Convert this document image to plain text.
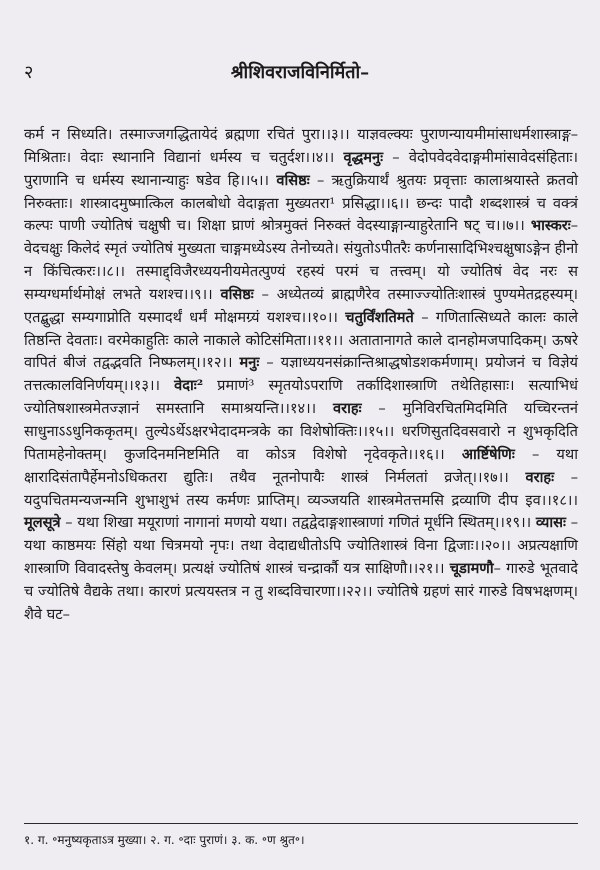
२	श्रीशिवराजविनिर्मितो–

कर्म न सिध्यति। तस्माज्जगद्धितायेदं ब्रह्मणा रचितं पुरा।।३।। याज्ञवल्क्यः पुराणन्यायमीमांसाधर्मशास्त्राङ्ग–मिश्रिताः। वेदाः स्थानानि विद्यानां धर्मस्य च चतुर्दश।।४।। वृद्धमनुः – वेदोपवेदवेदाङ्गमीमांसावेदसंहिताः। पुराणानि च धर्मस्य स्थानान्याहुः षडेव हि।।५।। वसिष्ठः – ऋतुक्रियार्थं श्रुतयः प्रवृत्ताः कालाश्रयास्ते क्रतवो निरुक्ताः। शास्त्रादमुष्मात्किल कालबोधो वेदाङ्गता मुख्यतरा¹ प्रसिद्धा।।६।। छन्दः पादौ शब्दशास्त्रं च वक्त्रं कल्पः पाणी ज्योतिषं चक्षुषी च। शिक्षा घ्राणं श्रोत्रमुक्तं निरुक्तं वेदस्याङ्गान्याहुरेतानि षट् च।।७।। भास्करः– वेदचक्षुः किलेदं स्मृतं ज्योतिषं मुख्यता चाङ्गमध्येऽस्य तेनोच्यते। संयुतोऽपीतरैः कर्णनासादिभिश्चक्षुषाऽङ्गेन हीनो न किंचित्करः।।८।। तस्माद्द्विजैरध्ययनीयमेतत्पुण्यं रहस्यं परमं च तत्त्वम्। यो ज्योतिषं वेद नरः स सम्यग्धर्मार्थमोक्षं लभते यशश्च।।९।। वसिष्ठः – अध्येतव्यं ब्राह्मणैरेव तस्माज्ज्योतिःशास्त्रं पुण्यमेतद्रहस्यम्। एतद्बुद्धा सम्यगाप्नोति यस्मादर्थं धर्मं मोक्षमग्र्यं यशश्च।।१०।। चतुर्विंशतिमते – गणितात्सिध्यते कालः काले तिष्ठन्ति देवताः। वरमेकाहुतिः काले नाकाले कोटिसंमिता।।११।। अतातानागते काले दानहोमजपादिकम्। ऊषरे वापितं बीजं तद्वद्भवति निष्फलम्।।१२।। मनुः – यज्ञाध्ययनसंक्रान्तिश्राद्धषोडशकर्मणाम्। प्रयोजनं च विज्ञेयं तत्तत्कालविनिर्णयम्।।१३।। वेदाः² प्रमाणं³ स्मृतयोऽपराणि तर्कादिशास्त्राणि तथेतिहासाः। सत्याभिधं ज्योतिषशास्त्रमेतज्ज्ञानं समस्तानि समाश्रयन्ति।।१४।। वराहः – मुनिविरचितमिदमिति यच्चिरन्तनं साधुनाऽऽधुनिककृतम्। तुल्येऽर्थेऽक्षरभेदादमन्त्रके का विशेषोक्तिः।।१५।। धरणिसुतदिवसवारो न शुभकृदिति पितामहेनोक्तम्। कुजदिनमनिष्टमिति वा कोऽत्र विशेषो नृदेवकृते।।१६।। आर्ष्टिषेणिः – यथा क्षारादिसंतापैर्हेमनोऽधिकतरा द्युतिः। तथैव नूतनोपायैः शास्त्रं निर्मलतां व्रजेत्।।१७।। वराहः – यदुपचितमन्यजन्मनि शुभाशुभं तस्य कर्मणः प्राप्तिम्। व्यञ्जयति शास्त्रमेतत्तमसि द्रव्याणि दीप इव।।१८।। मूलसूत्रे – यथा शिखा मयूराणां नागानां मणयो यथा। तद्वद्वेदाङ्गशास्त्राणां गणितं मूर्धनि स्थितम्।।१९।। व्यासः – यथा काष्ठमयः सिंहो यथा चित्रमयो नृपः। तथा वेदाद्यधीतोऽपि ज्योतिशास्त्रं विना द्विजाः।।२०।। अप्रत्यक्षाणि शास्त्राणि विवादस्तेषु केवलम्। प्रत्यक्षं ज्योतिषं शास्त्रं चन्द्रार्कौ यत्र साक्षिणौ।।२१।। चूडामणौ– गारुडे भूतवादे च ज्योतिषे वैद्यके तथा। कारणं प्रत्ययस्तत्र न तु शब्दविचारणा।।२२।। ज्योतिषे ग्रहणं सारं गारुडे विषभक्षणम्। शैवे घट–

१. ग. ॰मनुष्यकृताऽत्र मुख्या। २. ग. ॰दाः पुराणं। ३. क. ॰ण श्रुत॰।
